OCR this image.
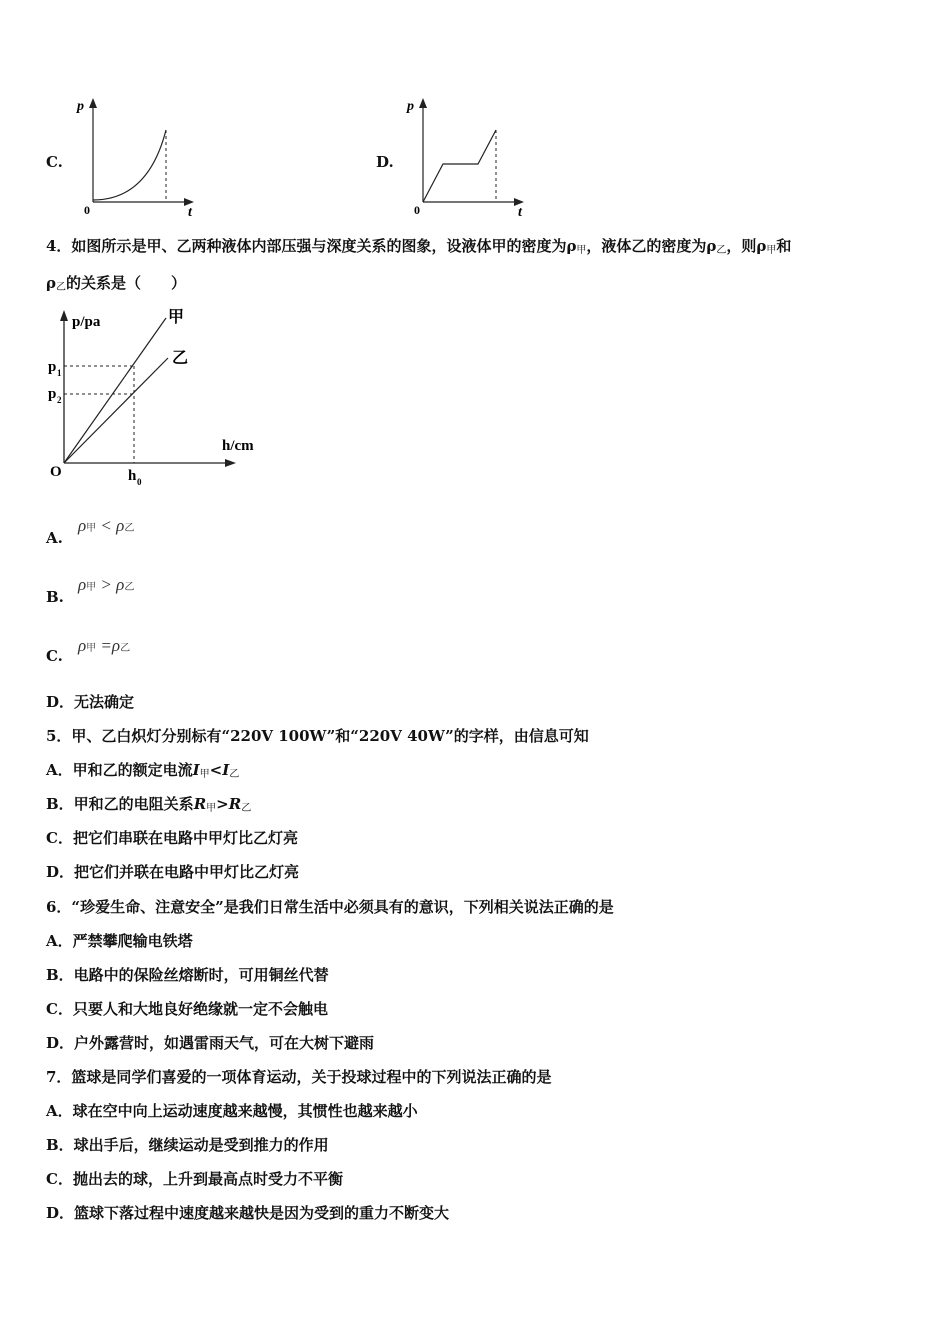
C.
p
t
0
D.
p
t
0
4．如图所示是甲、乙两种液体内部压强与深度关系的图象，设液体甲的密度为$\rho_甲$，液体乙的密度为$\rho_乙$，则$\rho_甲$和
$\rho_乙$的关系是（　　）
p/pa
h/cm
O
p 1
p 2
h 0
甲
乙
A.
ρ甲 < ρ乙
B.
ρ甲 > ρ乙
C.
ρ甲 =ρ乙
D．无法确定
5．甲、乙白炽灯分别标有“220V 100W”和“220V 40W”的字样，由信息可知
A．甲和乙的额定电流$I_甲<I_乙$
B．甲和乙的电阻关系$R_甲>R_乙$
C．把它们串联在电路中甲灯比乙灯亮
D．把它们并联在电路中甲灯比乙灯亮
6．“珍爱生命、注意安全”是我们日常生活中必须具有的意识，下列相关说法正确的是
A．严禁攀爬输电铁塔
B．电路中的保险丝熔断时，可用铜丝代替
C．只要人和大地良好绝缘就一定不会触电
D．户外露营时，如遇雷雨天气，可在大树下避雨
7．篮球是同学们喜爱的一项体育运动，关于投球过程中的下列说法正确的是
A．球在空中向上运动速度越来越慢，其惯性也越来越小
B．球出手后，继续运动是受到推力的作用
C．抛出去的球，上升到最高点时受力不平衡
D．篮球下落过程中速度越来越快是因为受到的重力不断变大
